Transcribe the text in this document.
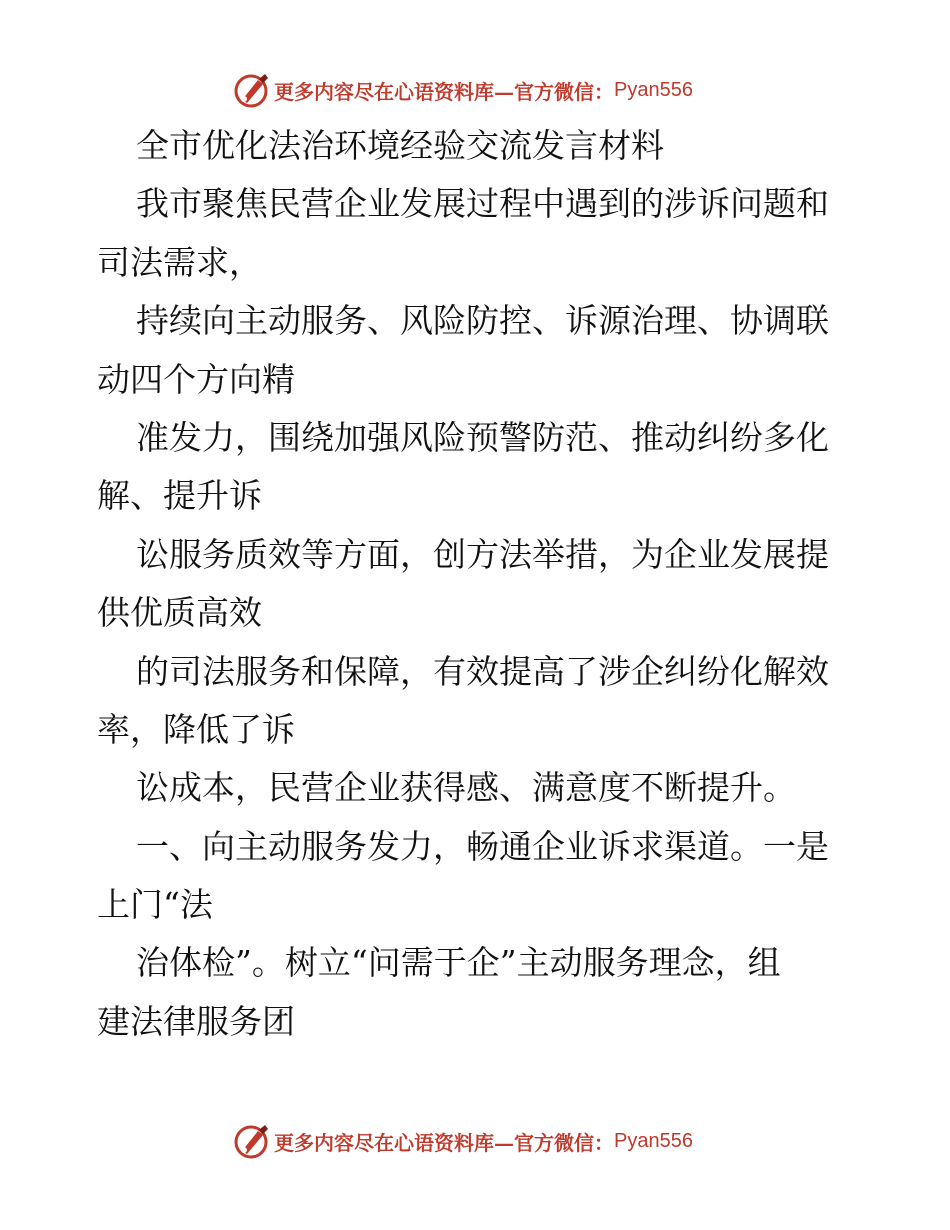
更多内容尽在心语资料库—官方微信： Pyan556
全市优化法治环境经验交流发言材料
我市聚焦民营企业发展过程中遇到的涉诉问题和
司法需求，
持续向主动服务、风险防控、诉源治理、协调联
动四个方向精
准发力，围绕加强风险预警防范、推动纠纷多化
解、提升诉
讼服务质效等方面，创方法举措，为企业发展提
供优质高效
的司法服务和保障，有效提高了涉企纠纷化解效
率，降低了诉
讼成本，民营企业获得感、满意度不断提升。
一、向主动服务发力，畅通企业诉求渠道。一是
上门“法
治体检”。树立“问需于企”主动服务理念，组
建法律服务团
更多内容尽在心语资料库—官方微信： Pyan556
